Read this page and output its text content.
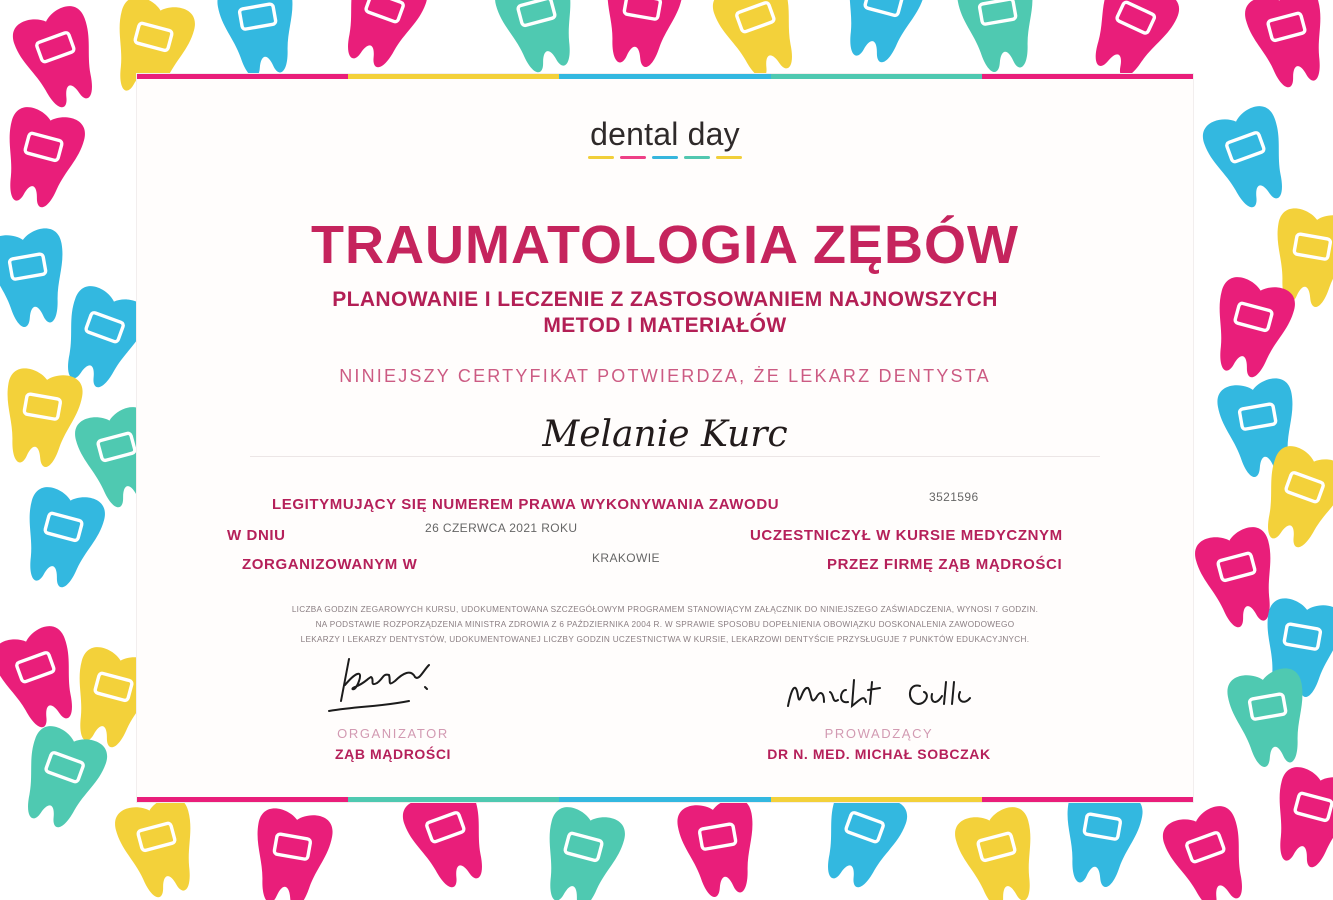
dental day
TRAUMATOLOGIA ZĘBÓW
PLANOWANIE I LECZENIE Z ZASTOSOWANIEM NAJNOWSZYCH
METOD I MATERIAŁÓW
NINIEJSZY CERTYFIKAT POTWIERDZA, ŻE LEKARZ DENTYSTA
Melanie Kurc
LEGITYMUJĄCY SIĘ NUMEREM PRAWA WYKONYWANIA ZAWODU	3521596
W DNIU	26 CZERWCA 2021 ROKU	UCZESTNICZYŁ W KURSIE MEDYCZNYM
ZORGANIZOWANYM W	KRAKOWIE	PRZEZ FIRMĘ ZĄB MĄDROŚCI
LICZBA GODZIN ZEGAROWYCH KURSU, UDOKUMENTOWANA SZCZEGÓŁOWYM PROGRAMEM STANOWIĄCYM ZAŁĄCZNIK DO NINIEJSZEGO ZAŚWIADCZENIA, WYNOSI 7 GODZIN.
NA PODSTAWIE ROZPORZĄDZENIA MINISTRA ZDROWIA Z 6 PAŹDZIERNIKA 2004 R. W SPRAWIE SPOSOBU DOPEŁNIENIA OBOWIĄZKU DOSKONALENIA ZAWODOWEGO
LEKARZY I LEKARZY DENTYSTÓW, UDOKUMENTOWANEJ LICZBY GODZIN UCZESTNICTWA W KURSIE, LEKARZOWI DENTYŚCIE PRZYSŁUGUJE 7 PUNKTÓW EDUKACYJNYCH.
ORGANIZATOR
ZĄB MĄDROŚCI
PROWADZĄCY
DR N. MED. MICHAŁ SOBCZAK
